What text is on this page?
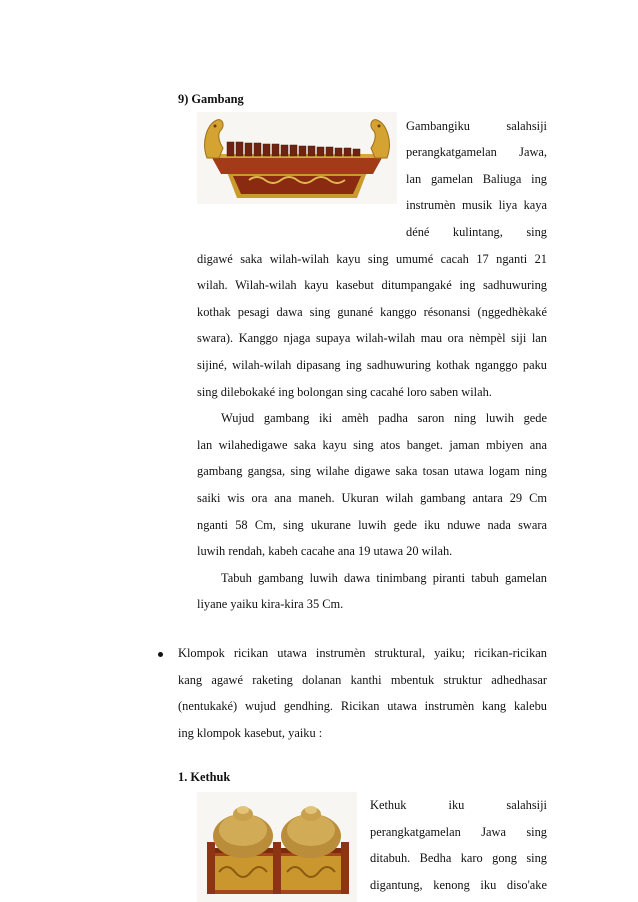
9) Gambang
Gambangiku salahsiji
perangkatgamelan Jawa,
lan gamelan Baliuga ing
instrumèn musik liya kaya
déné kulintang, sing
digawé saka wilah-wilah kayu sing umumé cacah 17 nganti 21
wilah. Wilah-wilah kayu kasebut ditumpangaké ing sadhuwuring
kothak pesagi dawa sing gunané kanggo résonansi (nggedhèkaké
swara). Kanggo njaga supaya wilah-wilah mau ora nèmpèl siji lan
sijiné, wilah-wilah dipasang ing sadhuwuring kothak nganggo paku
sing dilebokaké ing bolongan sing cacahé loro saben wilah.
Wujud gambang iki amèh padha saron ning luwih gede
lan wilahedigawe saka kayu sing atos banget. jaman mbiyen ana
gambang gangsa, sing wilahe digawe saka tosan utawa logam ning
saiki wis ora ana maneh. Ukuran wilah gambang antara 29 Cm
nganti 58 Cm, sing ukurane luwih gede iku nduwe nada swara
luwih rendah, kabeh cacahe ana 19 utawa 20 wilah.
Tabuh gambang luwih dawa tinimbang piranti tabuh gamelan
liyane yaiku kira-kira 35 Cm.
Klompok ricikan utawa instrumèn struktural, yaiku; ricikan-ricikan
kang agawé raketing dolanan kanthi mbentuk struktur adhedhasar
(nentukaké) wujud gendhing. Ricikan utawa instrumèn kang kalebu
ing klompok kasebut, yaiku :
1. Kethuk
Kethuk iku salahsiji
perangkatgamelan Jawa sing
ditabuh. Bedha karo gong sing
digantung, kenong iku diso'ake
